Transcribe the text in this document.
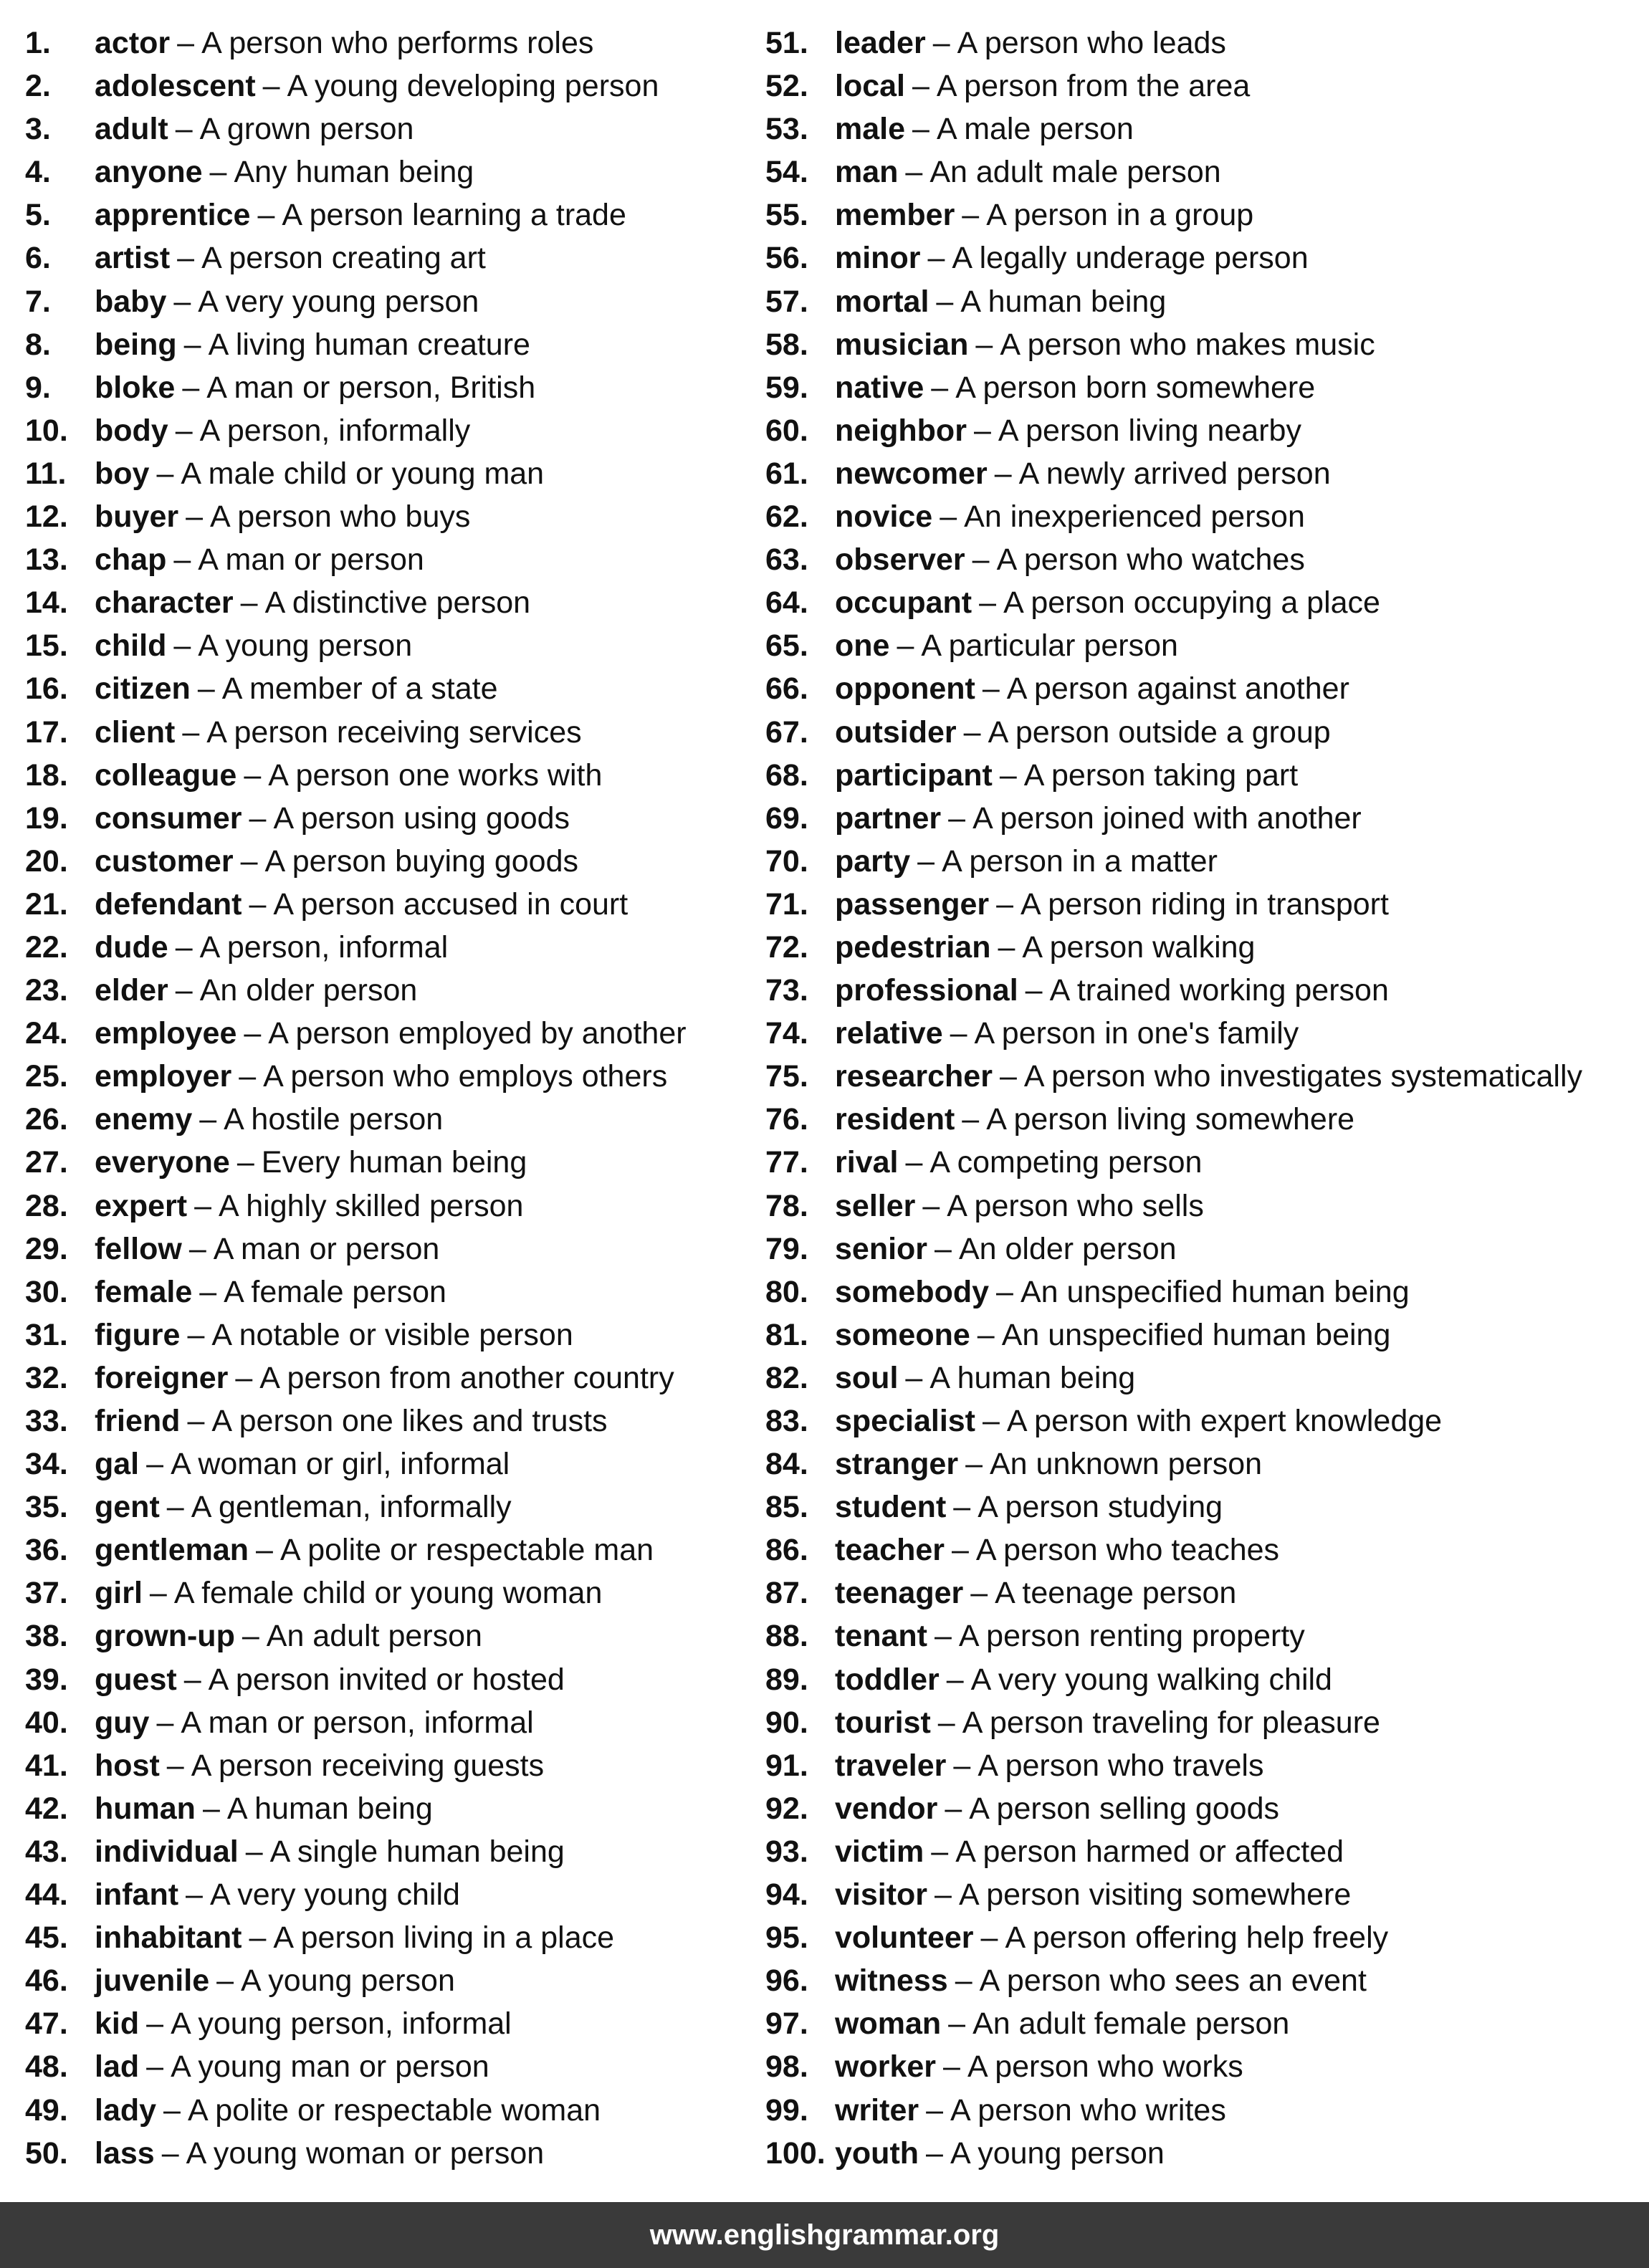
1.	actor – A person who performs roles
2.	adolescent – A young developing person
3.	adult – A grown person
4.	anyone – Any human being
5.	apprentice – A person learning a trade
6.	artist – A person creating art
7.	baby – A very young person
8.	being – A living human creature
9.	bloke – A man or person, British
10. body – A person, informally
11. boy – A male child or young man
12. buyer – A person who buys
13. chap – A man or person
14. character – A distinctive person
15. child – A young person
16. citizen – A member of a state
17. client – A person receiving services
18. colleague – A person one works with
19. consumer – A person using goods
20. customer – A person buying goods
21. defendant – A person accused in court
22. dude – A person, informal
23. elder – An older person
24. employee – A person employed by another
25. employer – A person who employs others
26. enemy – A hostile person
27. everyone – Every human being
28. expert – A highly skilled person
29. fellow – A man or person
30. female – A female person
31. figure – A notable or visible person
32. foreigner – A person from another country
33. friend – A person one likes and trusts
34. gal – A woman or girl, informal
35. gent – A gentleman, informally
36. gentleman – A polite or respectable man
37. girl – A female child or young woman
38. grown-up – An adult person
39. guest – A person invited or hosted
40. guy – A man or person, informal
41. host – A person receiving guests
42. human – A human being
43. individual – A single human being
44. infant – A very young child
45. inhabitant – A person living in a place
46. juvenile – A young person
47. kid – A young person, informal
48. lad – A young man or person
49. lady – A polite or respectable woman
50. lass – A young woman or person
51. leader – A person who leads
52. local – A person from the area
53. male – A male person
54. man – An adult male person
55. member – A person in a group
56. minor – A legally underage person
57. mortal – A human being
58. musician – A person who makes music
59. native – A person born somewhere
60. neighbor – A person living nearby
61. newcomer – A newly arrived person
62. novice – An inexperienced person
63. observer – A person who watches
64. occupant – A person occupying a place
65. one – A particular person
66. opponent – A person against another
67. outsider – A person outside a group
68. participant – A person taking part
69. partner – A person joined with another
70. party – A person in a matter
71. passenger – A person riding in transport
72. pedestrian – A person walking
73. professional – A trained working person
74. relative – A person in one's family
75. researcher – A person who investigates systematically
76. resident – A person living somewhere
77. rival – A competing person
78. seller – A person who sells
79. senior – An older person
80. somebody – An unspecified human being
81. someone – An unspecified human being
82. soul – A human being
83. specialist – A person with expert knowledge
84. stranger – An unknown person
85. student – A person studying
86. teacher – A person who teaches
87. teenager – A teenage person
88. tenant – A person renting property
89. toddler – A very young walking child
90. tourist – A person traveling for pleasure
91. traveler – A person who travels
92. vendor – A person selling goods
93. victim – A person harmed or affected
94. visitor – A person visiting somewhere
95. volunteer – A person offering help freely
96. witness – A person who sees an event
97. woman – An adult female person
98. worker – A person who works
99. writer – A person who writes
100. youth – A young person
www.englishgrammar.org
